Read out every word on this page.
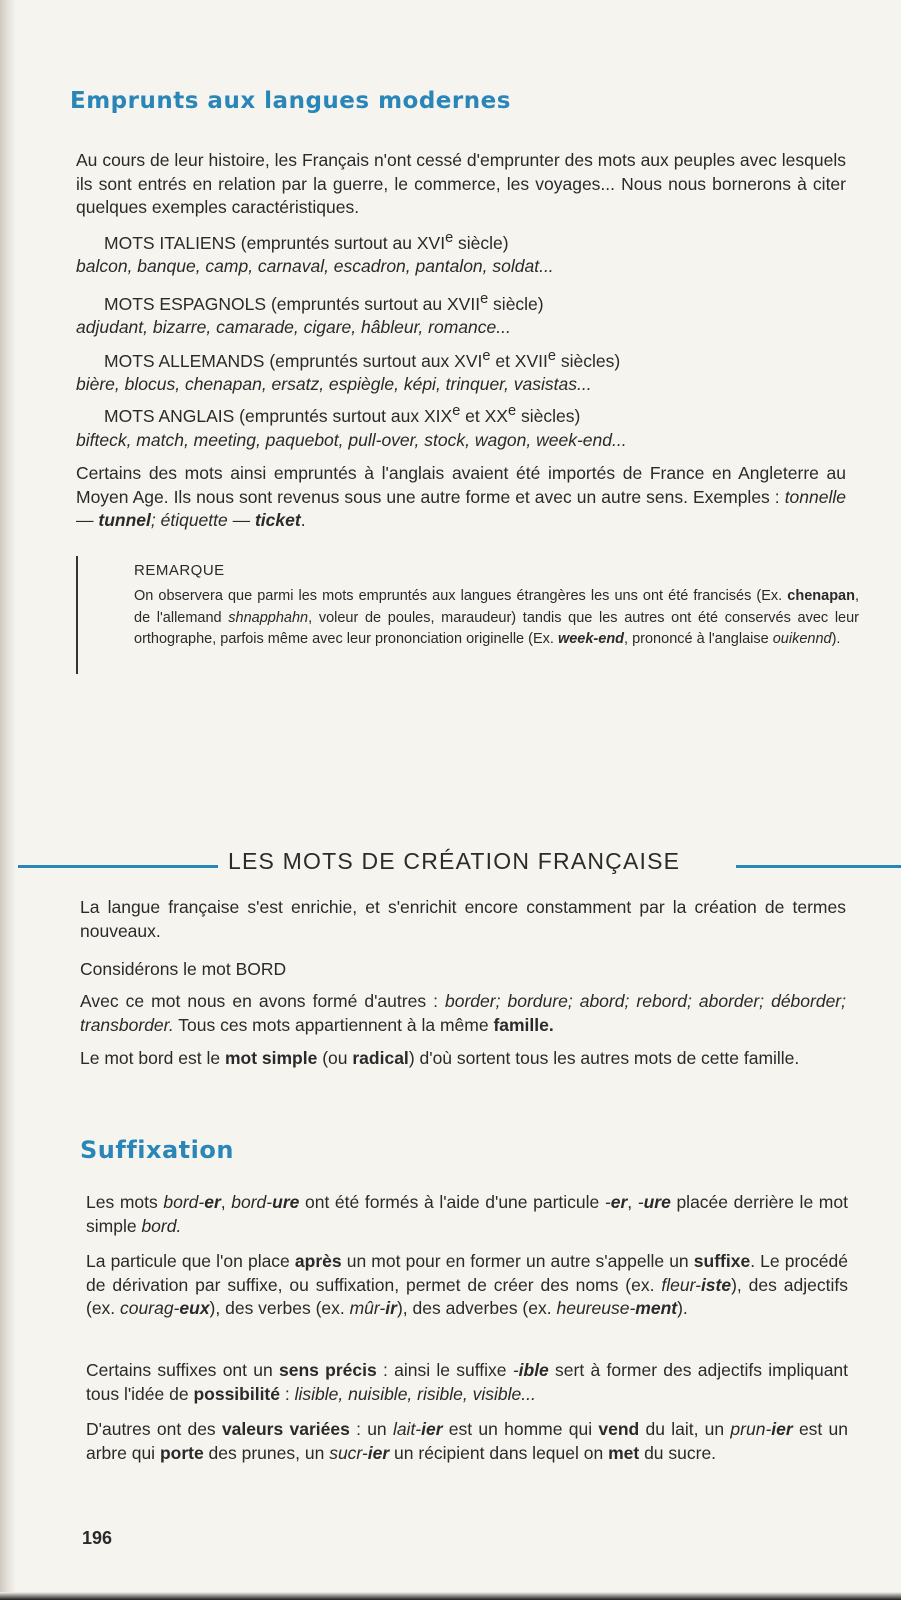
Emprunts aux langues modernes

Au cours de leur histoire, les Français n'ont cessé d'emprunter des mots aux peuples avec lesquels ils sont entrés en relation par la guerre, le commerce, les voyages... Nous nous bornerons à citer quelques exemples caractéristiques.

MOTS ITALIENS (empruntés surtout au XVIe siècle)
balcon, banque, camp, carnaval, escadron, pantalon, soldat...
MOTS ESPAGNOLS (empruntés surtout au XVIIe siècle)
adjudant, bizarre, camarade, cigare, hâbleur, romance...
MOTS ALLEMANDS (empruntés surtout aux XVIe et XVIIe siècles)
bière, blocus, chenapan, ersatz, espiègle, képi, trinquer, vasistas...
MOTS ANGLAIS (empruntés surtout aux XIXe et XXe siècles)
bifteck, match, meeting, paquebot, pull-over, stock, wagon, week-end...

Certains des mots ainsi empruntés à l'anglais avaient été importés de France en Angleterre au Moyen Age. Ils nous sont revenus sous une autre forme et avec un autre sens. Exemples : tonnelle — tunnel; étiquette — ticket.

REMARQUE

On observera que parmi les mots empruntés aux langues étrangères les uns ont été francisés (Ex. chenapan, de l'allemand shnapphahn, voleur de poules, maraudeur) tandis que les autres ont été conservés avec leur orthographe, parfois même avec leur prononciation originelle (Ex. week-end, prononcé à l'anglaise ouikennd).

LES MOTS DE CRÉATION FRANÇAISE

La langue française s'est enrichie, et s'enrichit encore constamment par la création de termes nouveaux.

Considérons le mot BORD

Avec ce mot nous en avons formé d'autres : border; bordure; abord; rebord; aborder; déborder; transborder. Tous ces mots appartiennent à la même famille.

Le mot bord est le mot simple (ou radical) d'où sortent tous les autres mots de cette famille.

Suffixation

Les mots bord-er, bord-ure ont été formés à l'aide d'une particule -er, -ure placée derrière le mot simple bord.

La particule que l'on place après un mot pour en former un autre s'appelle un suffixe. Le procédé de dérivation par suffixe, ou suffixation, permet de créer des noms (ex. fleur-iste), des adjectifs (ex. courag-eux), des verbes (ex. mûr-ir), des adverbes (ex. heureuse-ment).

Certains suffixes ont un sens précis : ainsi le suffixe -ible sert à former des adjectifs impliquant tous l'idée de possibilité : lisible, nuisible, risible, visible...

D'autres ont des valeurs variées : un lait-ier est un homme qui vend du lait, un prun-ier est un arbre qui porte des prunes, un sucr-ier un récipient dans lequel on met du sucre.

196
